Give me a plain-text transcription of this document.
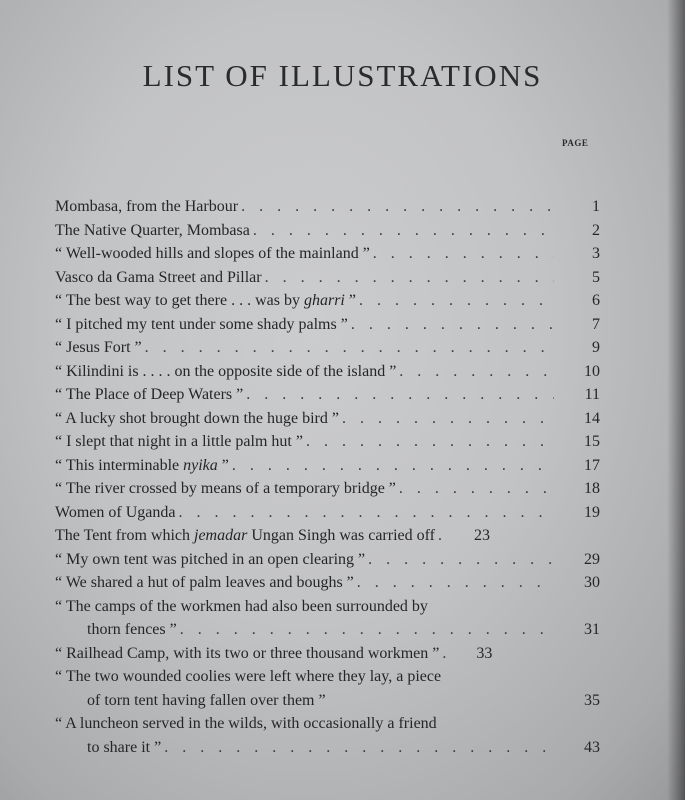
LIST OF ILLUSTRATIONS
PAGE
Mombasa, from the Harbour . . .	1
The Native Quarter, Mombasa . . .	2
“ Well-wooded hills and slopes of the mainland ” . . .	3
Vasco da Gama Street and Pillar . . .	5
“ The best way to get there . . . was by gharri ” . . .	6
“ I pitched my tent under some shady palms ” . . .	7
“ Jesus Fort ” . . .	9
“ Kilindini is . . . . on the opposite side of the island ” . . .	10
“ The Place of Deep Waters ” . . .	11
“ A lucky shot brought down the huge bird ” . . .	14
“ I slept that night in a little palm hut ” . . .	15
“ This interminable nyika ” . . .	17
“ The river crossed by means of a temporary bridge ” . . .	18
Women of Uganda . . .	19
The Tent from which jemadar Ungan Singh was carried off . . .	23
“ My own tent was pitched in an open clearing ” . . .	29
“ We shared a hut of palm leaves and boughs ” . . .	30
“ The camps of the workmen had also been surrounded by
thorn fences ” . . .	31
“ Railhead Camp, with its two or three thousand workmen ” . . .	33
“ The two wounded coolies were left where they lay, a piece
of torn tent having fallen over them ”	35
“ A luncheon served in the wilds, with occasionally a friend
to share it ” . . .	43
